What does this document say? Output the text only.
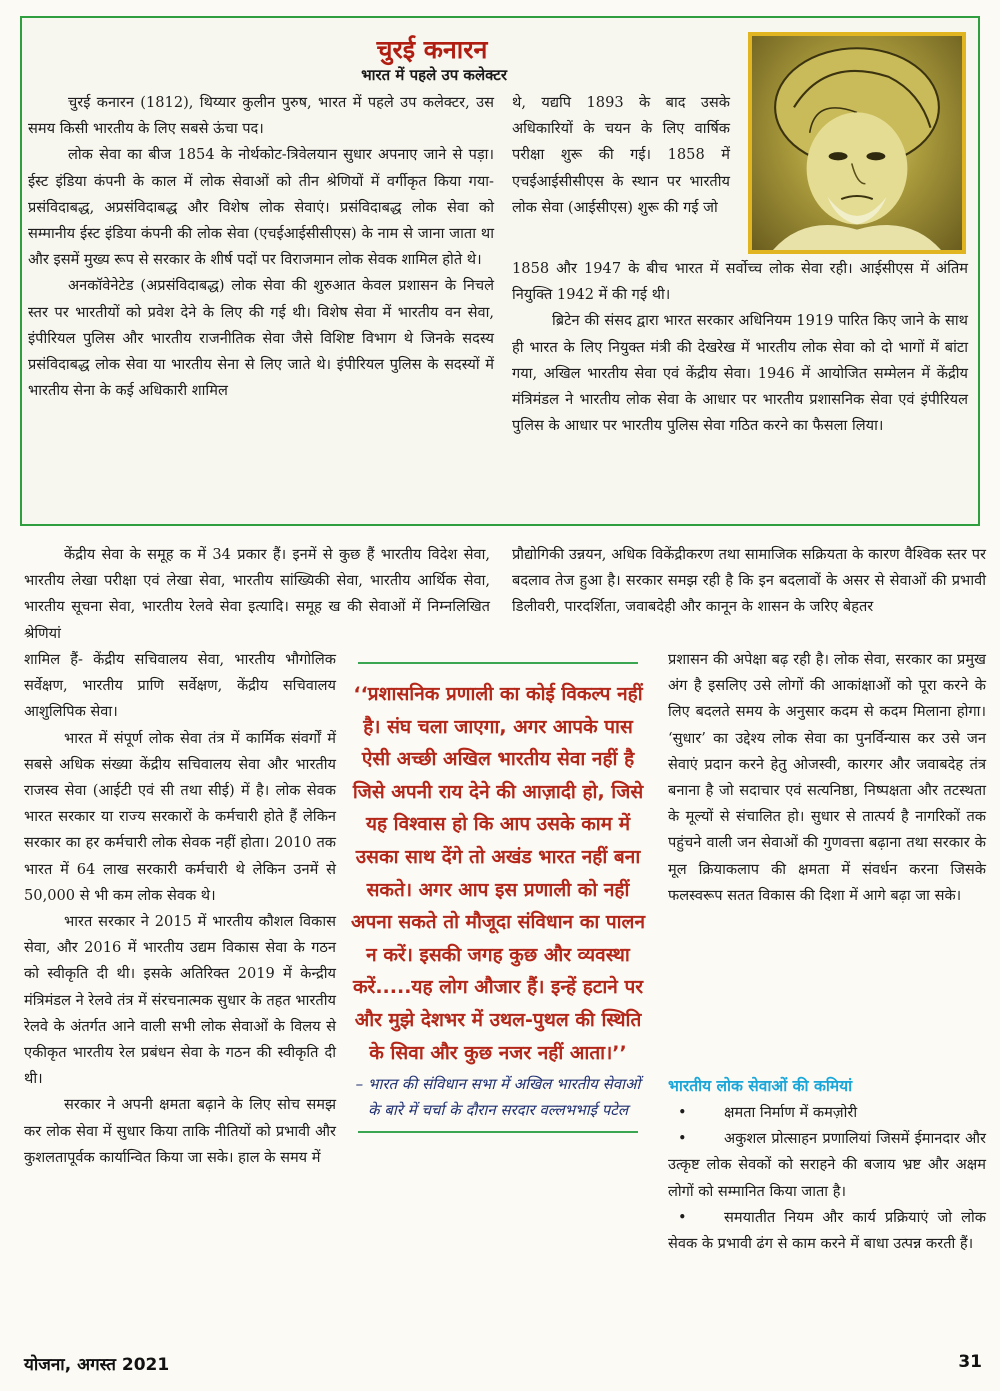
चुरई कनारन
भारत में पहले उप कलेक्टर

चुरई कनारन (1812), थिय्यार कुलीन पुरुष, भारत में पहले उप कलेक्टर, उस समय किसी भारतीय के लिए सबसे ऊंचा पद।

लोक सेवा का बीज 1854 के नोर्थकोट-त्रिवेलयान सुधार अपनाए जाने से पड़ा। ईस्ट इंडिया कंपनी के काल में लोक सेवाओं को तीन श्रेणियों में वर्गीकृत किया गया- प्रसंविदाबद्ध, अप्रसंविदाबद्ध और विशेष लोक सेवाएं। प्रसंविदाबद्ध लोक सेवा को सम्मानीय ईस्ट इंडिया कंपनी की लोक सेवा (एचईआईसीसीएस) के नाम से जाना जाता था और इसमें मुख्य रूप से सरकार के शीर्ष पदों पर विराजमान लोक सेवक शामिल होते थे।

अनकॉवेनेटेड (अप्रसंविदाबद्ध) लोक सेवा की शुरुआत केवल प्रशासन के निचले स्तर पर भारतीयों को प्रवेश देने के लिए की गई थी। विशेष सेवा में भारतीय वन सेवा, इंपीरियल पुलिस और भारतीय राजनीतिक सेवा जैसे विशिष्ट विभाग थे जिनके सदस्य प्रसंविदाबद्ध लोक सेवा या भारतीय सेना से लिए जाते थे। इंपीरियल पुलिस के सदस्यों में भारतीय सेना के कई अधिकारी शामिल

थे, यद्यपि 1893 के बाद उसके अधिकारियों के चयन के लिए वार्षिक परीक्षा शुरू की गई। 1858 में एचईआईसीसीएस के स्थान पर भारतीय लोक सेवा (आईसीएस) शुरू की गई जो

1858 और 1947 के बीच भारत में सर्वोच्च लोक सेवा रही। आईसीएस में अंतिम नियुक्ति 1942 में की गई थी।

ब्रिटेन की संसद द्वारा भारत सरकार अधिनियम 1919 पारित किए जाने के साथ ही भारत के लिए नियुक्त मंत्री की देखरेख में भारतीय लोक सेवा को दो भागों में बांटा गया, अखिल भारतीय सेवा एवं केंद्रीय सेवा। 1946 में आयोजित सम्मेलन में केंद्रीय मंत्रिमंडल ने भारतीय लोक सेवा के आधार पर भारतीय प्रशासनिक सेवा एवं इंपीरियल पुलिस के आधार पर भारतीय पुलिस सेवा गठित करने का फैसला लिया।

केंद्रीय सेवा के समूह क में 34 प्रकार हैं। इनमें से कुछ हैं भारतीय विदेश सेवा, भारतीय लेखा परीक्षा एवं लेखा सेवा, भारतीय सांख्यिकी सेवा, भारतीय आर्थिक सेवा, भारतीय सूचना सेवा, भारतीय रेलवे सेवा इत्यादि। समूह ख की सेवाओं में निम्नलिखित श्रेणियां

शामिल हैं- केंद्रीय सचिवालय सेवा, भारतीय भौगोलिक सर्वेक्षण, भारतीय प्राणि सर्वेक्षण, केंद्रीय सचिवालय आशुलिपिक सेवा।

भारत में संपूर्ण लोक सेवा तंत्र में कार्मिक संवर्गों में सबसे अधिक संख्या केंद्रीय सचिवालय सेवा और भारतीय राजस्व सेवा (आईटी एवं सी तथा सीई) में है। लोक सेवक भारत सरकार या राज्य सरकारों के कर्मचारी होते हैं लेकिन सरकार का हर कर्मचारी लोक सेवक नहीं होता। 2010 तक भारत में 64 लाख सरकारी कर्मचारी थे लेकिन उनमें से 50,000 से भी कम लोक सेवक थे।

भारत सरकार ने 2015 में भारतीय कौशल विकास सेवा, और 2016 में भारतीय उद्यम विकास सेवा के गठन को स्वीकृति दी थी। इसके अतिरिक्त 2019 में केन्द्रीय मंत्रिमंडल ने रेलवे तंत्र में संरचनात्मक सुधार के तहत भारतीय रेलवे के अंतर्गत आने वाली सभी लोक सेवाओं के विलय से एकीकृत भारतीय रेल प्रबंधन सेवा के गठन की स्वीकृति दी थी।

सरकार ने अपनी क्षमता बढ़ाने के लिए सोच समझ कर लोक सेवा में सुधार किया ताकि नीतियों को प्रभावी और कुशलतापूर्वक कार्यान्वित किया जा सके। हाल के समय में

‘‘प्रशासनिक प्रणाली का कोई विकल्प नहीं है। संघ चला जाएगा, अगर आपके पास ऐसी अच्छी अखिल भारतीय सेवा नहीं है जिसे अपनी राय देने की आज़ादी हो, जिसे यह विश्वास हो कि आप उसके काम में उसका साथ देंगे तो अखंड भारत नहीं बना सकते। अगर आप इस प्रणाली को नहीं अपना सकते तो मौजूदा संविधान का पालन न करें। इसकी जगह कुछ और व्यवस्था करें.....यह लोग औजार हैं। इन्हें हटाने पर और मुझे देशभर में उथल-पुथल की स्थिति के सिवा और कुछ नजर नहीं आता।’’
– भारत की संविधान सभा में अखिल भारतीय सेवाओं के बारे में चर्चा के दौरान सरदार वल्लभभाई पटेल

प्रौद्योगिकी उन्नयन, अधिक विकेंद्रीकरण तथा सामाजिक सक्रियता के कारण वैश्विक स्तर पर बदलाव तेज हुआ है। सरकार समझ रही है कि इन बदलावों के असर से सेवाओं की प्रभावी डिलीवरी, पारदर्शिता, जवाबदेही और कानून के शासन के जरिए बेहतर

प्रशासन की अपेक्षा बढ़ रही है। लोक सेवा, सरकार का प्रमुख अंग है इसलिए उसे लोगों की आकांक्षाओं को पूरा करने के लिए बदलते समय के अनुसार कदम से कदम मिलाना होगा। ‘सुधार’ का उद्देश्य लोक सेवा का पुनर्विन्यास कर उसे जन सेवाएं प्रदान करने हेतु ओजस्वी, कारगर और जवाबदेह तंत्र बनाना है जो सदाचार एवं सत्यनिष्ठा, निष्पक्षता और तटस्थता के मूल्यों से संचालित हो। सुधार से तात्पर्य है नागरिकों तक पहुंचने वाली जन सेवाओं की गुणवत्ता बढ़ाना तथा सरकार के मूल क्रियाकलाप की क्षमता में संवर्धन करना जिसके फलस्वरूप सतत विकास की दिशा में आगे बढ़ा जा सके।

भारतीय लोक सेवाओं की कमियां

•	क्षमता निर्माण में कमज़ोरी

•	अकुशल प्रोत्साहन प्रणालियां जिसमें ईमानदार और उत्कृष्ट लोक सेवकों को सराहने की बजाय भ्रष्ट और अक्षम लोगों को सम्मानित किया जाता है।

•	समयातीत नियम और कार्य प्रक्रियाएं जो लोक सेवक के प्रभावी ढंग से काम करने में बाधा उत्पन्न करती हैं।

योजना, अगस्त 2021	31
